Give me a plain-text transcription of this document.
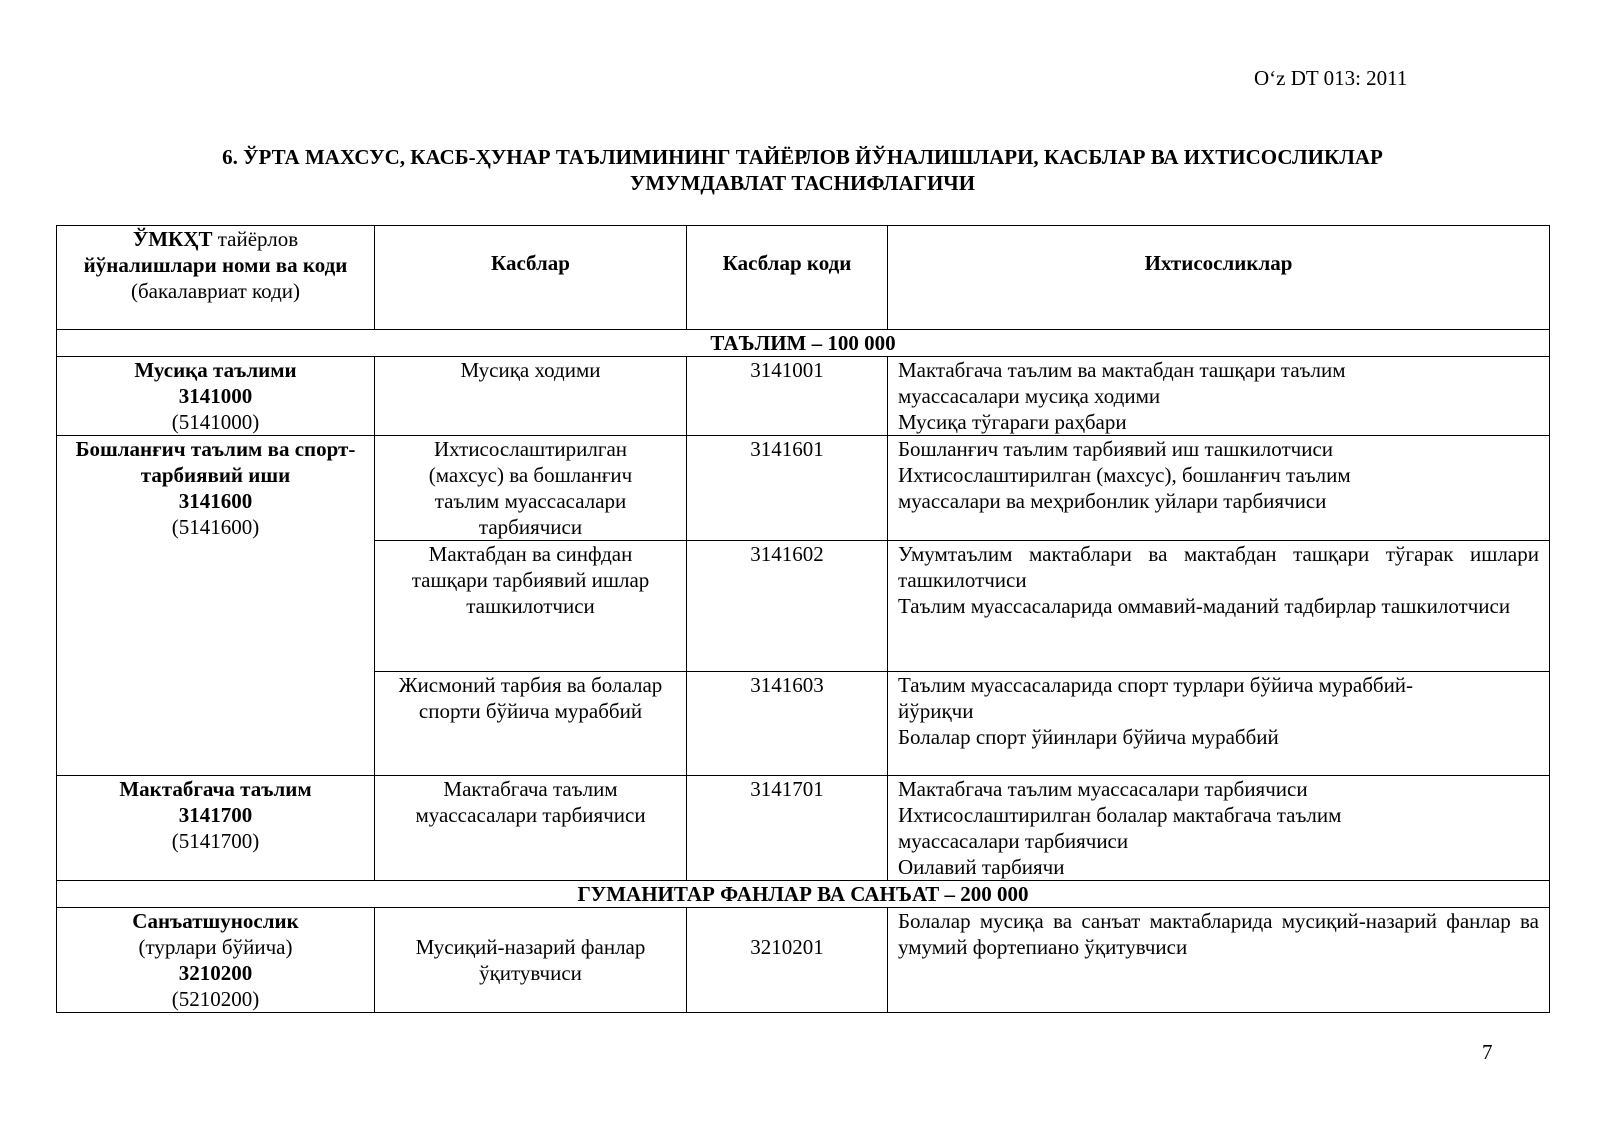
O‘z DT 013: 2011
6. ЎРТА МАХСУС, КАСБ-ҲУНАР ТАЪЛИМИНИНГ ТАЙЁРЛОВ ЙЎНАЛИШЛАРИ, КАСБЛАР ВА ИХТИСОСЛИКЛАР
УМУМДАВЛАТ ТАСНИФЛАГИЧИ
ЎМКҲТ тайёрлов
йўналишлари номи ва коди
(бакалавриат коди)	Касблар	Касблар коди	Ихтисосликлар
ТАЪЛИМ – 100 000			

Мусиқа таълими
3141000
(5141000)	Мусиқа ходими	3141001	Мактабгача таълим ва мактабдан ташқари таълим
муассасалари мусиқа ходими
Мусиқа тўгараги раҳбари

Бошланғич таълим ва спорт-
тарбиявий иши
3141600
(5141600)	Ихтисослаштирилган
(махсус) ва бошланғич
таълим муассасалари
тарбиячиси	3141601	Бошланғич таълим тарбиявий иш ташкилотчиси
Ихтисослаштирилган (махсус), бошланғич таълим
муассалари ва меҳрибонлик уйлари тарбиячиси

	Мактабдан ва синфдан
ташқари тарбиявий ишлар
ташкилотчиси	3141602	Умумтаълим мактаблари ва мактабдан ташқари тўгарак ишлари ташкилотчиси
Таълим муассасаларида оммавий-маданий тадбирлар ташкилотчиси

	Жисмоний тарбия ва болалар
спорти бўйича мураббий	3141603	Таълим муассасаларида спорт турлари бўйича мураббий-
йўриқчи
Болалар спорт ўйинлари бўйича мураббий

Мактабгача таълим
3141700
(5141700)	Мактабгача таълим
муассасалари тарбиячиси	3141701	Мактабгача таълим муассасалари тарбиячиси
Ихтисослаштирилган болалар мактабгача таълим
муассасалари тарбиячиси
Оилавий тарбиячи

ГУМАНИТАР ФАНЛАР ВА САНЪАТ – 200 000			

Санъатшунослик
(турлари бўйича)
3210200
(5210200)	Мусиқий-назарий фанлар
ўқитувчиси	3210201	Болалар мусиқа ва санъат мактабларида мусиқий-назарий фанлар ва умумий фортепиано ўқитувчиси
7
